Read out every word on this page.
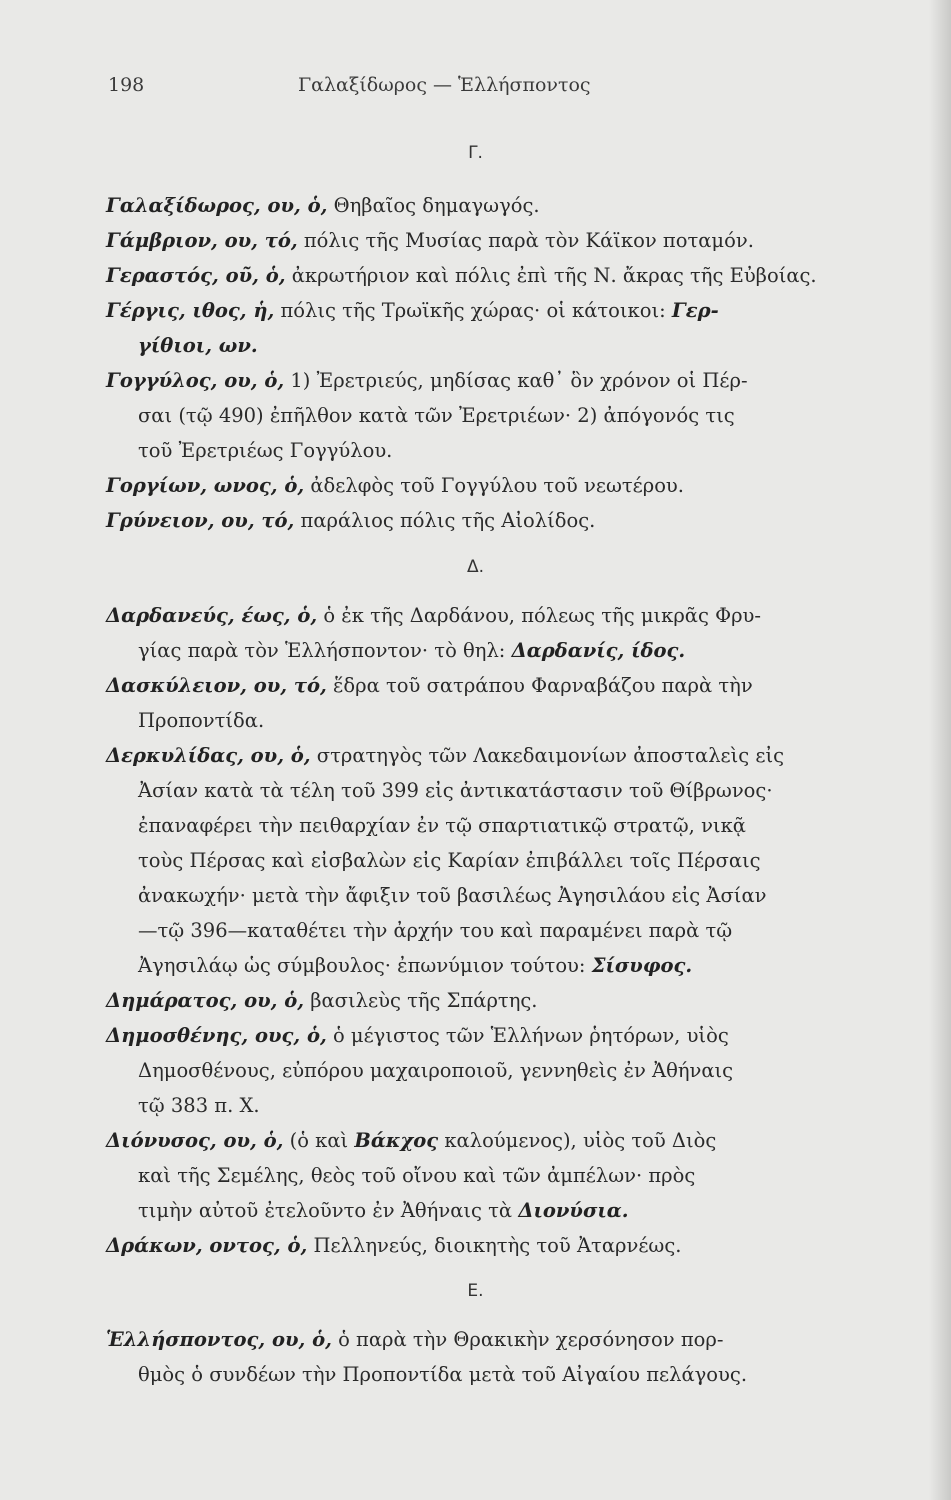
198	Γαλαξίδωρος — Ἑλλήσποντος
Γ.
Γαλαξίδωρος, ου, ὁ, Θηβαῖος δημαγωγός.
Γάμβριον, ου, τό, πόλις τῆς Μυσίας παρὰ τὸν Κάϊκον ποταμόν.
Γεραστός, οῦ, ὁ, ἀκρωτήριον καὶ πόλις ἐπὶ τῆς Ν. ἄκρας τῆς Εὐβοίας.
Γέργις, ιθος, ἡ, πόλις τῆς Τρωϊκῆς χώρας· οἱ κάτοικοι: Γερ-
γίθιοι, ων.
Γογγύλος, ου, ὁ, 1) Ἐρετριεύς, μηδίσας καθ᾽ ὃν χρόνον οἱ Πέρ-
σαι (τῷ 490) ἐπῆλθον κατὰ τῶν Ἐρετριέων· 2) ἀπόγονός τις
τοῦ Ἐρετριέως Γογγύλου.
Γοργίων, ωνος, ὁ, ἀδελφὸς τοῦ Γογγύλου τοῦ νεωτέρου.
Γρύνειον, ου, τό, παράλιος πόλις τῆς Αἰολίδος.
Δ.
Δαρδανεύς, έως, ὁ, ὁ ἐκ τῆς Δαρδάνου, πόλεως τῆς μικρᾶς Φρυ-
γίας παρὰ τὸν Ἑλλήσποντον· τὸ θηλ: Δαρδανίς, ίδος.
Δασκύλειον, ου, τό, ἕδρα τοῦ σατράπου Φαρναβάζου παρὰ τὴν
Προποντίδα.
Δερκυλίδας, ου, ὁ, στρατηγὸς τῶν Λακεδαιμονίων ἀποσταλεὶς εἰς
Ἀσίαν κατὰ τὰ τέλη τοῦ 399 εἰς ἀντικατάστασιν τοῦ Θίβρωνος·
ἐπαναφέρει τὴν πειθαρχίαν ἐν τῷ σπαρτιατικῷ στρατῷ, νικᾷ
τοὺς Πέρσας καὶ εἰσβαλὼν εἰς Καρίαν ἐπιβάλλει τοῖς Πέρσαις
ἀνακωχήν· μετὰ τὴν ἄφιξιν τοῦ βασιλέως Ἀγησιλάου εἰς Ἀσίαν
—τῷ 396—καταθέτει τὴν ἀρχήν του καὶ παραμένει παρὰ τῷ
Ἀγησιλάῳ ὡς σύμβουλος· ἐπωνύμιον τούτου: Σίσυφος.
Δημάρατος, ου, ὁ, βασιλεὺς τῆς Σπάρτης.
Δημοσθένης, ους, ὁ, ὁ μέγιστος τῶν Ἑλλήνων ῥητόρων, υἱὸς
Δημοσθένους, εὐπόρου μαχαιροποιοῦ, γεννηθεὶς ἐν Ἀθήναις
τῷ 383 π. Χ.
Διόνυσος, ου, ὁ, (ὁ καὶ Βάκχος καλούμενος), υἱὸς τοῦ Διὸς
καὶ τῆς Σεμέλης, θεὸς τοῦ οἴνου καὶ τῶν ἀμπέλων· πρὸς
τιμὴν αὐτοῦ ἐτελοῦντο ἐν Ἀθήναις τὰ Διονύσια.
Δράκων, οντος, ὁ, Πελληνεύς, διοικητὴς τοῦ Ἀταρνέως.
Ε.
Ἑλλήσποντος, ου, ὁ, ὁ παρὰ τὴν Θρακικὴν χερσόνησον πορ-
θμὸς ὁ συνδέων τὴν Προποντίδα μετὰ τοῦ Αἰγαίου πελάγους.
